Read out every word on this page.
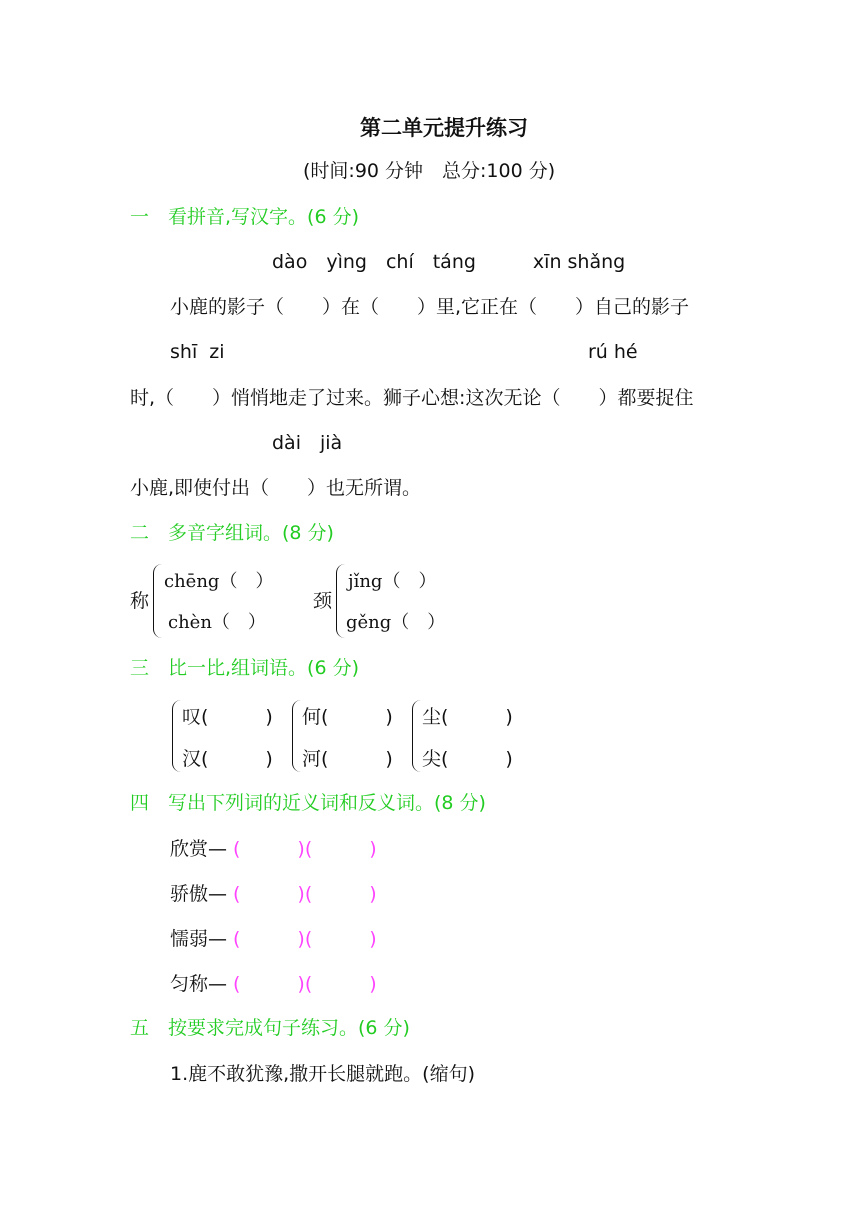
第二单元提升练习
(时间:90 分钟　总分:100 分)
一　看拼音,写汉字。(6 分)
dào　yìng　chí　táng　　　xīn shǎng
小鹿的影子（　　）在（　　）里,它正在（　　）自己的影子
shī  zi	rú hé
时,（　　）悄悄地走了过来。狮子心想:这次无论（　　）都要捉住
dài　jià
小鹿,即使付出（　　）也无所谓。
二　多音字组词。(8 分)
称
chēng（　）
chèn（　）
颈
jǐng（　）
gěng（　）
三　比一比,组词语。(6 分)
叹(　　　)
汉(　　　)
何(　　　)
河(　　　)
尘(　　　)
尖(　　　)
四　写出下列词的近义词和反义词。(8 分)
欣赏— (　　　)(　　　)
骄傲— (　　　)(　　　)
懦弱— (　　　)(　　　)
匀称— (　　　)(　　　)
五　按要求完成句子练习。(6 分)
1.鹿不敢犹豫,撒开长腿就跑。(缩句)
